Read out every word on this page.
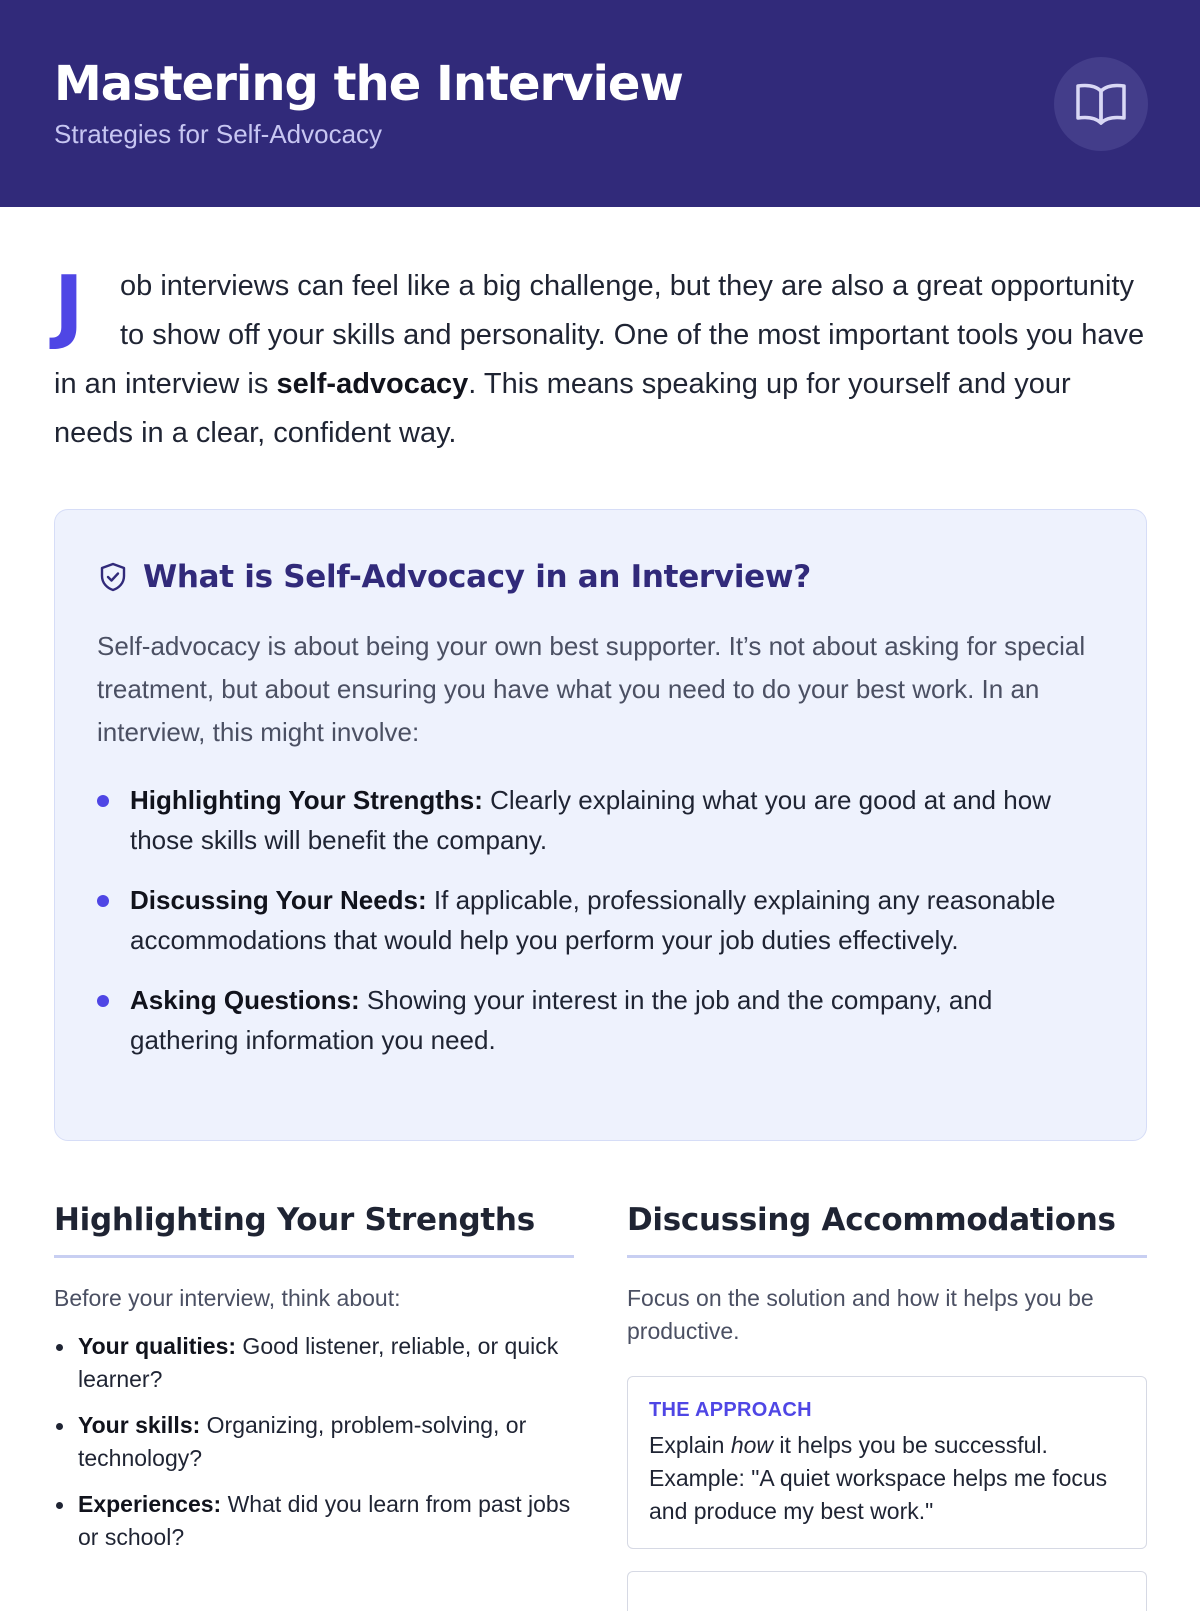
Mastering the Interview
Strategies for Self-Advocacy
J	ob interviews can feel like a big challenge, but they are also a great opportunity to show off your skills and personality. One of the most important tools you have in an interview is self-advocacy. This means speaking up for yourself and your needs in a clear, confident way.
What is Self-Advocacy in an Interview?
Self-advocacy is about being your own best supporter. It’s not about asking for special treatment, but about ensuring you have what you need to do your best work. In an interview, this might involve:
Highlighting Your Strengths: Clearly explaining what you are good at and how those skills will benefit the company.
Discussing Your Needs: If applicable, professionally explaining any reasonable accommodations that would help you perform your job duties effectively.
Asking Questions: Showing your interest in the job and the company, and gathering information you need.
Highlighting Your Strengths
Before your interview, think about:
Your qualities: Good listener, reliable, or quick learner?
Your skills: Organizing, problem-solving, or technology?
Experiences: What did you learn from past jobs or school?
Discussing Accommodations
Focus on the solution and how it helps you be productive.
THE APPROACH
Explain how it helps you be successful. Example: "A quiet workspace helps me focus and produce my best work."
